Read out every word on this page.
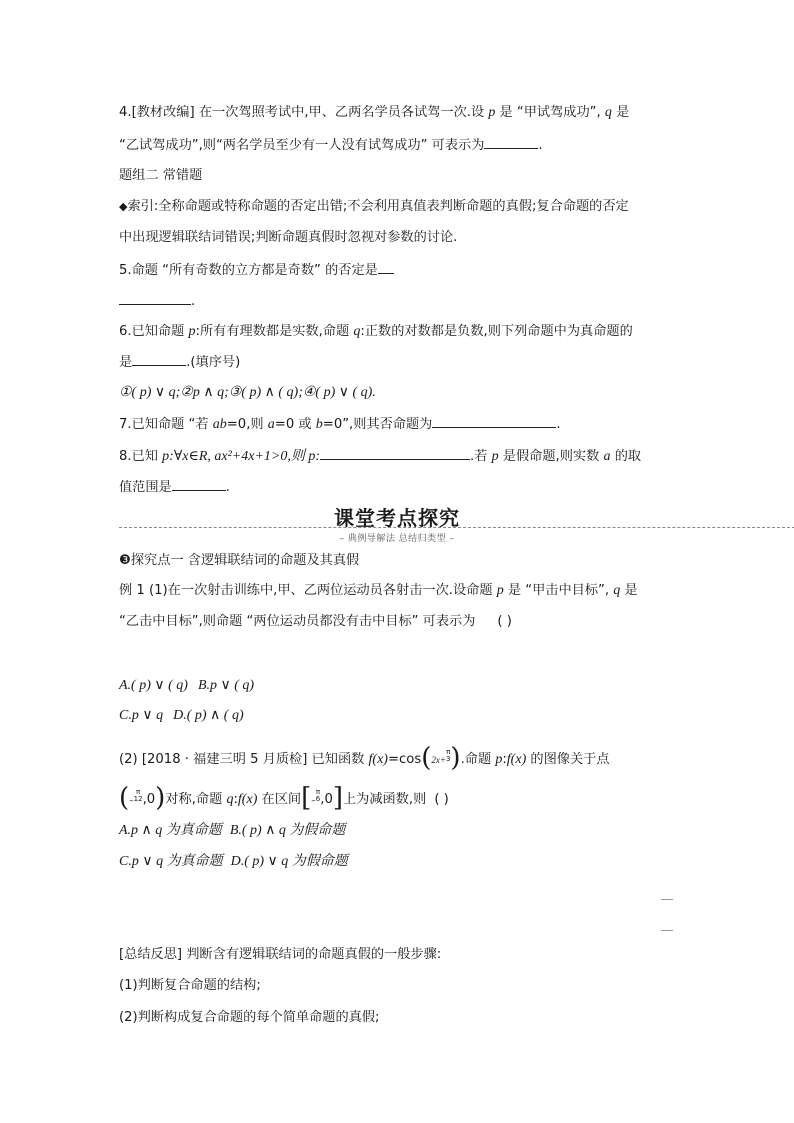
4.[教材改编] 在一次驾照考试中,甲、乙两名学员各试驾一次.设 p 是 “甲试驾成功”, q 是
“乙试驾成功”,则“两名学员至少有一人没有试驾成功” 可表示为	.
题组二 常错题
◆索引:全称命题或特称命题的否定出错;不会利用真值表判断命题的真假;复合命题的否定
中出现逻辑联结词错误;判断命题真假时忽视对参数的讨论.
5.命题 “所有奇数的立方都是奇数” 的否定是
.
6.已知命题 p:所有有理数都是实数,命题 q:正数的对数都是负数,则下列命题中为真命题的
是	.(填序号)
①( p) ∨ q;②p ∧ q;③( p) ∧ ( q);④( p) ∨ ( q).
7.已知命题 “若 ab=0,则 a=0 或 b=0”,则其否命题为	.
8.已知 p:∀x∈R, ax²+4x+1>0,则 p:	.若 p 是假命题,则实数 a 的取
值范围是	.
课堂考点探究
– 典例导解法 总结归类型 –
❸探究点一 含逻辑联结词的命题及其真假
例 1 (1)在一次射击训练中,甲、乙两位运动员各射击一次.设命题 p 是 “甲击中目标”, q 是
“乙击中目标”,则命题 “两位运动员都没有击中目标” 可表示为 ( )
A.( p) ∨ ( q) B.p ∨ ( q)
C.p ∨ q D.( p) ∧ ( q)
(2) [2018 · 福建三明 5 月质检] 已知函数 f(x)=cos(2x+π
3).命题 p:f(x) 的图像关于点
(–π
12,0)对称,命题 q:f(x) 在区间[–π
6,0]上为减函数,则 ( )
A.p ∧ q 为真命题 B.( p) ∧ q 为假命题
C.p ∨ q 为真命题 D.( p) ∨ q 为假命题
[总结反思] 判断含有逻辑联结词的命题真假的一般步骤:
(1)判断复合命题的结构;
(2)判断构成复合命题的每个简单命题的真假;
